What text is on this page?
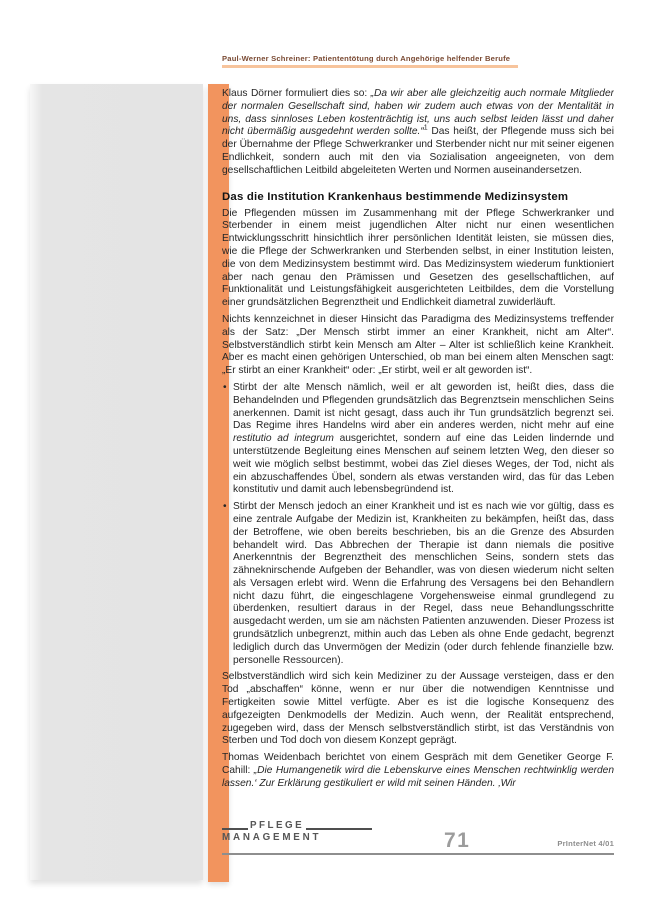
Paul-Werner Schreiner: Patiententötung durch Angehörige helfender Berufe

Klaus Dörner formuliert dies so: „Da wir aber alle gleichzeitig auch normale Mitglieder der normalen Gesellschaft sind, haben wir zudem auch etwas von der Mentalität in uns, dass sinnloses Leben kostenträchtig ist, uns auch selbst leiden lässt und daher nicht übermäßig ausgedehnt werden sollte.“$^1$ Das heißt, der Pflegende muss sich bei der Übernahme der Pflege Schwerkranker und Sterbender nicht nur mit seiner eigenen Endlichkeit, sondern auch mit den via Sozialisation angeeigneten, von dem gesellschaftlichen Leitbild abgeleiteten Werten und Normen auseinandersetzen.

Das die Institution Krankenhaus bestimmende Medizinsystem

Die Pflegenden müssen im Zusammenhang mit der Pflege Schwerkranker und Sterbender in einem meist jugendlichen Alter nicht nur einen wesentlichen Entwicklungsschritt hinsichtlich ihrer persönlichen Identität leisten, sie müssen dies, wie die Pflege der Schwerkranken und Sterbenden selbst, in einer Institution leisten, die von dem Medizinsystem bestimmt wird. Das Medizinsystem wiederum funktioniert aber nach genau den Prämissen und Gesetzen des gesellschaftlichen, auf Funktionalität und Leistungsfähigkeit ausgerichteten Leitbildes, dem die Vorstellung einer grundsätzlichen Begrenztheit und Endlichkeit diametral zuwiderläuft.

Nichts kennzeichnet in dieser Hinsicht das Paradigma des Medizinsystems treffender als der Satz: „Der Mensch stirbt immer an einer Krankheit, nicht am Alter“. Selbstverständlich stirbt kein Mensch am Alter – Alter ist schließlich keine Krankheit. Aber es macht einen gehörigen Unterschied, ob man bei einem alten Menschen sagt: „Er stirbt an einer Krankheit“ oder: „Er stirbt, weil er alt geworden ist“.

• Stirbt der alte Mensch nämlich, weil er alt geworden ist, heißt dies, dass die Behandelnden und Pflegenden grundsätzlich das Begrenztsein menschlichen Seins anerkennen. Damit ist nicht gesagt, dass auch ihr Tun grundsätzlich begrenzt sei. Das Regime ihres Handelns wird aber ein anderes werden, nicht mehr auf eine restitutio ad integrum ausgerichtet, sondern auf eine das Leiden lindernde und unterstützende Begleitung eines Menschen auf seinem letzten Weg, den dieser so weit wie möglich selbst bestimmt, wobei das Ziel dieses Weges, der Tod, nicht als ein abzuschaffendes Übel, sondern als etwas verstanden wird, das für das Leben konstitutiv und damit auch lebensbegründend ist.
• Stirbt der Mensch jedoch an einer Krankheit und ist es nach wie vor gültig, dass es eine zentrale Aufgabe der Medizin ist, Krankheiten zu bekämpfen, heißt das, dass der Betroffene, wie oben bereits beschrieben, bis an die Grenze des Absurden behandelt wird. Das Abbrechen der Therapie ist dann niemals die positive Anerkenntnis der Begrenztheit des menschlichen Seins, sondern stets das zähneknirschende Aufgeben der Behandler, was von diesen wiederum nicht selten als Versagen erlebt wird. Wenn die Erfahrung des Versagens bei den Behandlern nicht dazu führt, die eingeschlagene Vorgehensweise einmal grundlegend zu überdenken, resultiert daraus in der Regel, dass neue Behandlungsschritte ausgedacht werden, um sie am nächsten Patienten anzuwenden. Dieser Prozess ist grundsätzlich unbegrenzt, mithin auch das Leben als ohne Ende gedacht, begrenzt lediglich durch das Unvermögen der Medizin (oder durch fehlende finanzielle bzw. personelle Ressourcen).

Selbstverständlich wird sich kein Mediziner zu der Aussage versteigen, dass er den Tod „abschaffen“ könne, wenn er nur über die notwendigen Kenntnisse und Fertigkeiten sowie Mittel verfügte. Aber es ist die logische Konsequenz des aufgezeigten Denkmodells der Medizin. Auch wenn, der Realität entsprechend, zugegeben wird, dass der Mensch selbstverständlich stirbt, ist das Verständnis von Sterben und Tod doch von diesem Konzept geprägt.

Thomas Weidenbach berichtet von einem Gespräch mit dem Genetiker George F. Cahill: „Die Humangenetik wird die Lebenskurve eines Menschen rechtwinklig werden lassen.‘ Zur Erklärung gestikuliert er wild mit seinen Händen. ‚Wir

PFLEGE
MANAGEMENT	71	PrInterNet 4/01
